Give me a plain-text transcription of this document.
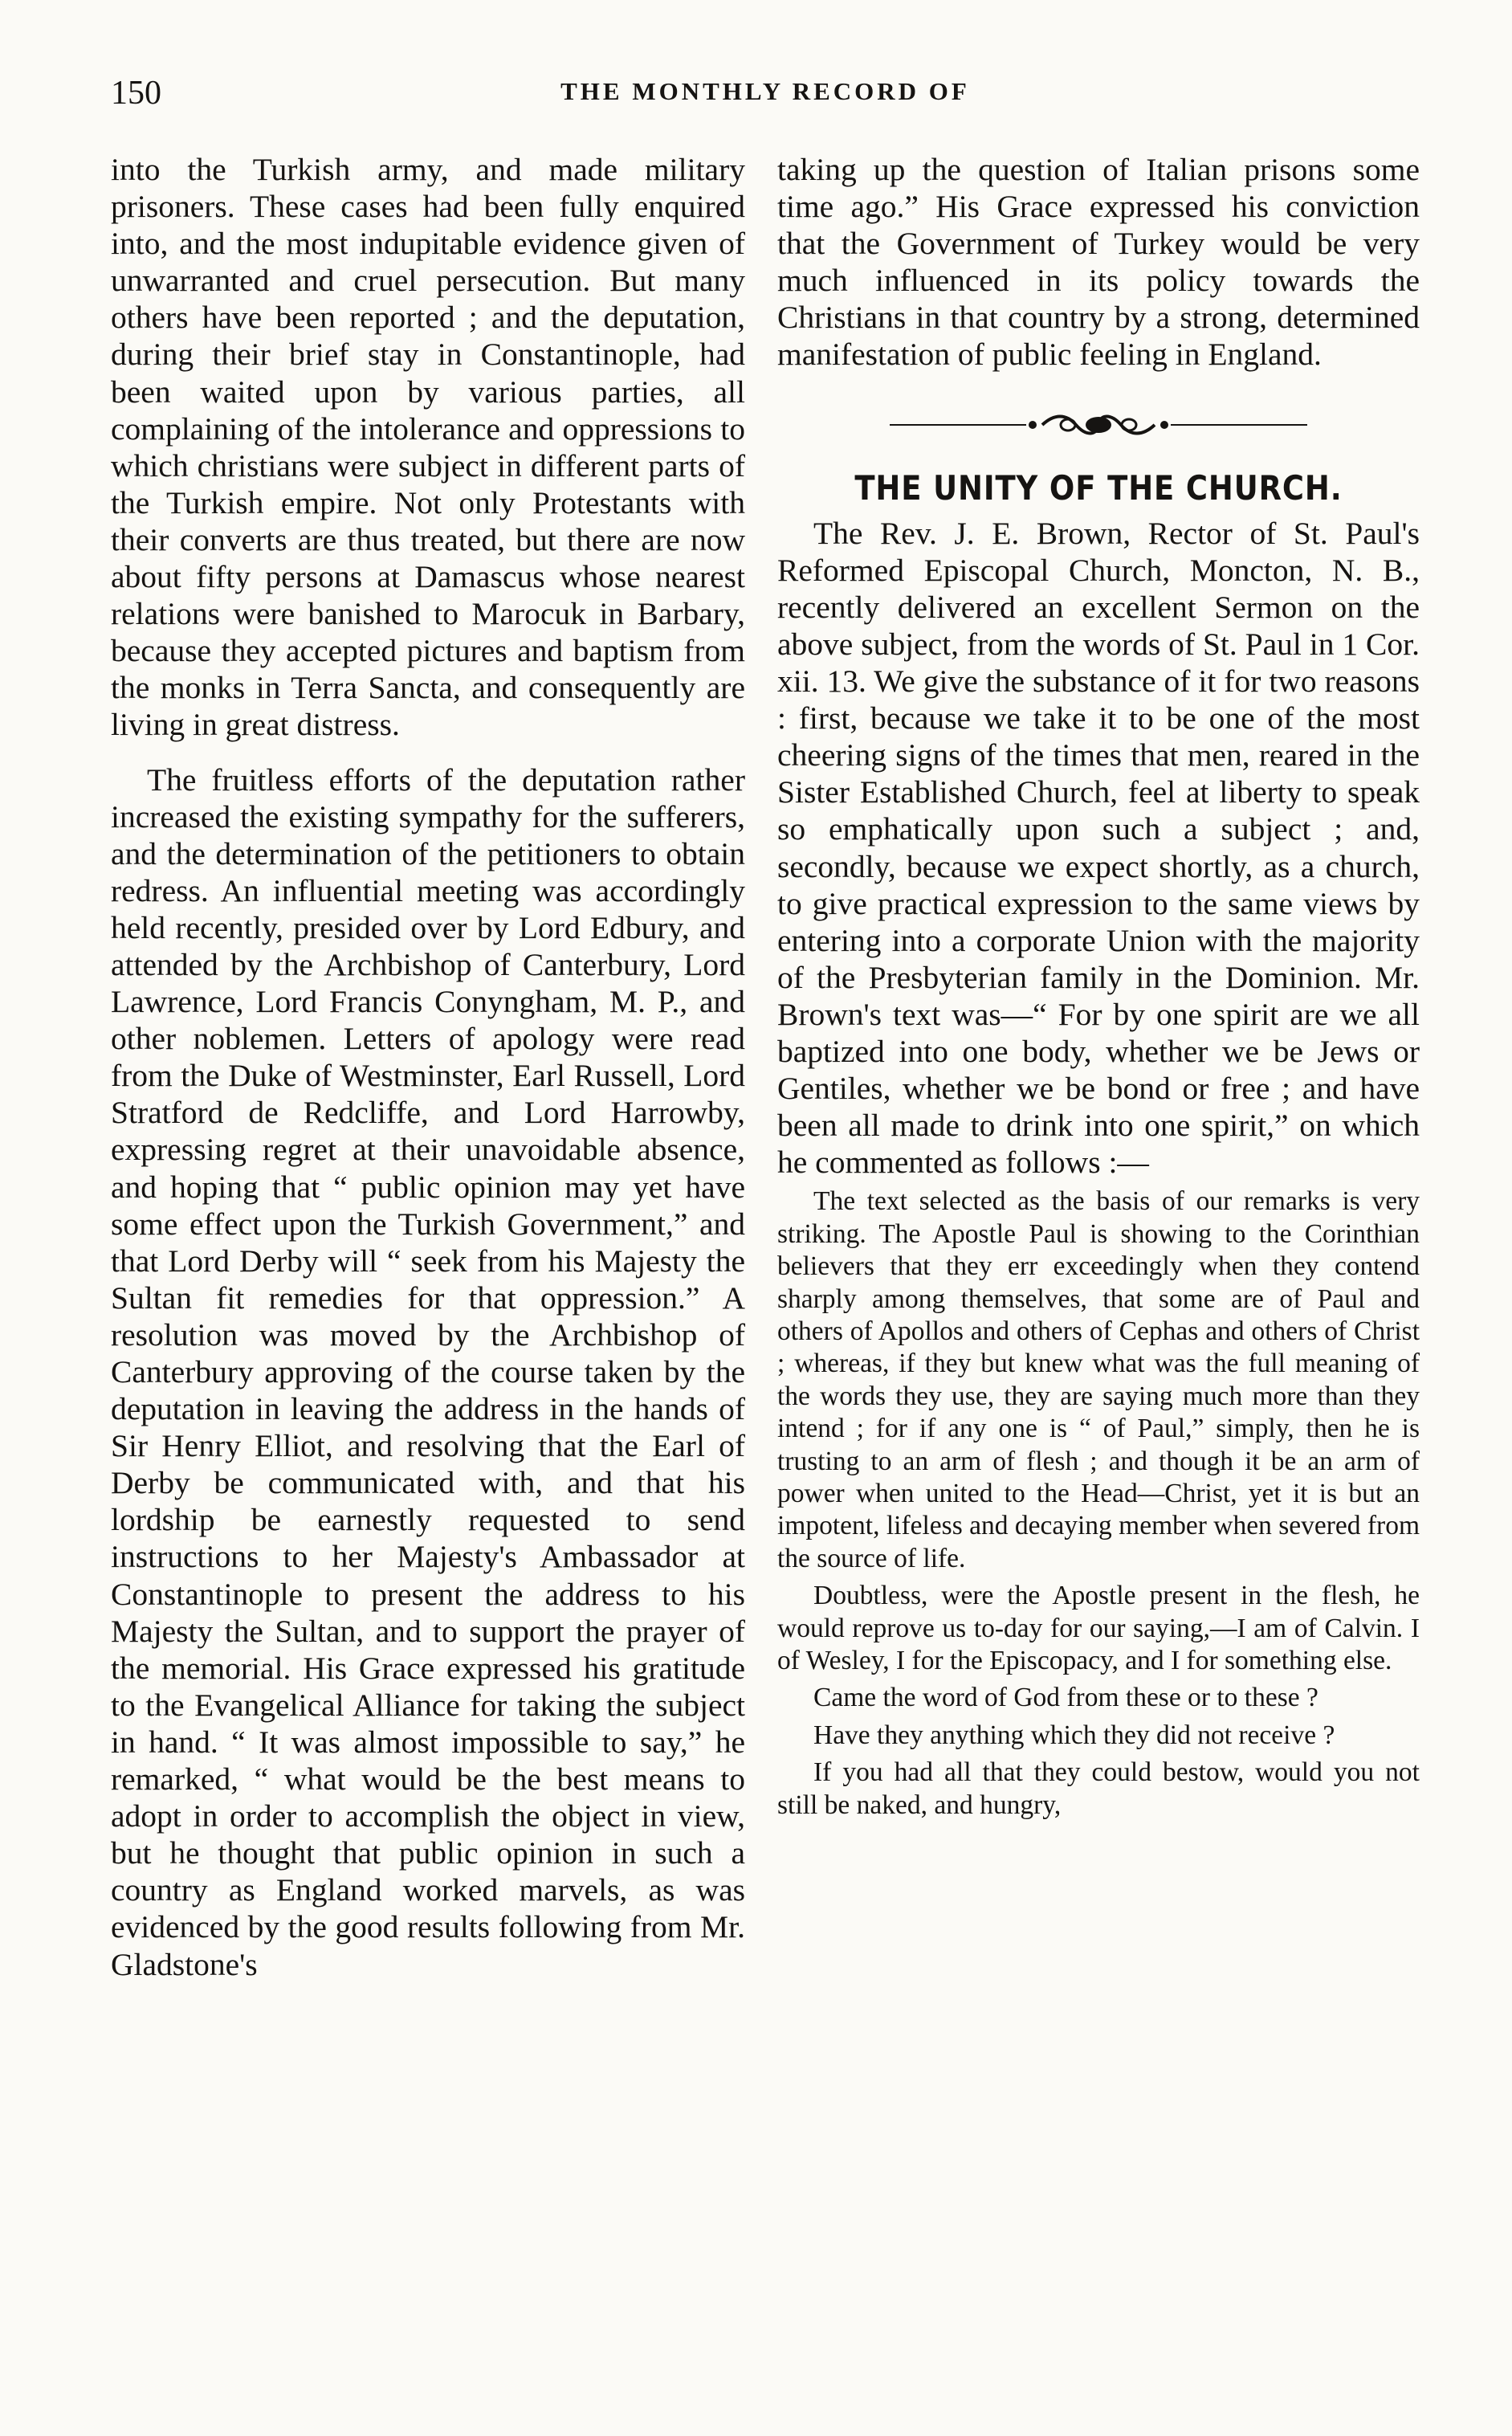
150	THE MONTHLY RECORD OF

into the Turkish army, and made military prisoners. These cases had been fully enquired into, and the most indupitable evidence given of unwarranted and cruel persecution. But many others have been reported ; and the deputation, during their brief stay in Constantinople, had been waited upon by various parties, all complaining of the intolerance and oppressions to which christians were subject in different parts of the Turkish empire. Not only Protestants with their converts are thus treated, but there are now about fifty persons at Damascus whose nearest relations were banished to Marocuk in Barbary, because they accepted pictures and baptism from the monks in Terra Sancta, and consequently are living in great distress.

The fruitless efforts of the deputation rather increased the existing sympathy for the sufferers, and the determination of the petitioners to obtain redress. An influential meeting was accordingly held recently, presided over by Lord Edbury, and attended by the Archbishop of Canterbury, Lord Lawrence, Lord Francis Conyngham, M. P., and other noblemen. Letters of apology were read from the Duke of Westminster, Earl Russell, Lord Stratford de Redcliffe, and Lord Harrowby, expressing regret at their unavoidable absence, and hoping that “ public opinion may yet have some effect upon the Turkish Government,” and that Lord Derby will “ seek from his Majesty the Sultan fit remedies for that oppression.” A resolution was moved by the Archbishop of Canterbury approving of the course taken by the deputation in leaving the address in the hands of Sir Henry Elliot, and resolving that the Earl of Derby be communicated with, and that his lordship be earnestly requested to send instructions to her Majesty's Ambassador at Constantinople to present the address to his Majesty the Sultan, and to support the prayer of the memorial. His Grace expressed his gratitude to the Evangelical Alliance for taking the subject in hand. “ It was almost impossible to say,” he remarked, “ what would be the best means to adopt in order to accomplish the object in view, but he thought that public opinion in such a country as England worked marvels, as was evidenced by the good results following from Mr. Gladstone's

taking up the question of Italian prisons some time ago.” His Grace expressed his conviction that the Government of Turkey would be very much influenced in its policy towards the Christians in that country by a strong, determined manifestation of public feeling in England.

THE UNITY OF THE CHURCH.

The Rev. J. E. Brown, Rector of St. Paul's Reformed Episcopal Church, Moncton, N. B., recently delivered an excellent Sermon on the above subject, from the words of St. Paul in 1 Cor. xii. 13. We give the substance of it for two reasons : first, because we take it to be one of the most cheering signs of the times that men, reared in the Sister Established Church, feel at liberty to speak so emphatically upon such a subject ; and, secondly, because we expect shortly, as a church, to give practical expression to the same views by entering into a corporate Union with the majority of the Presbyterian family in the Dominion. Mr. Brown's text was—“ For by one spirit are we all baptized into one body, whether we be Jews or Gentiles, whether we be bond or free ; and have been all made to drink into one spirit,” on which he commented as follows :—

The text selected as the basis of our remarks is very striking. The Apostle Paul is showing to the Corinthian believers that they err exceedingly when they contend sharply among themselves, that some are of Paul and others of Apollos and others of Cephas and others of Christ ; whereas, if they but knew what was the full meaning of the words they use, they are saying much more than they intend ; for if any one is “ of Paul,” simply, then he is trusting to an arm of flesh ; and though it be an arm of power when united to the Head—Christ, yet it is but an impotent, lifeless and decaying member when severed from the source of life.

Doubtless, were the Apostle present in the flesh, he would reprove us to-day for our saying,—I am of Calvin. I of Wesley, I for the Episcopacy, and I for something else.

Came the word of God from these or to these ?

Have they anything which they did not receive ?

If you had all that they could bestow, would you not still be naked, and hungry,
